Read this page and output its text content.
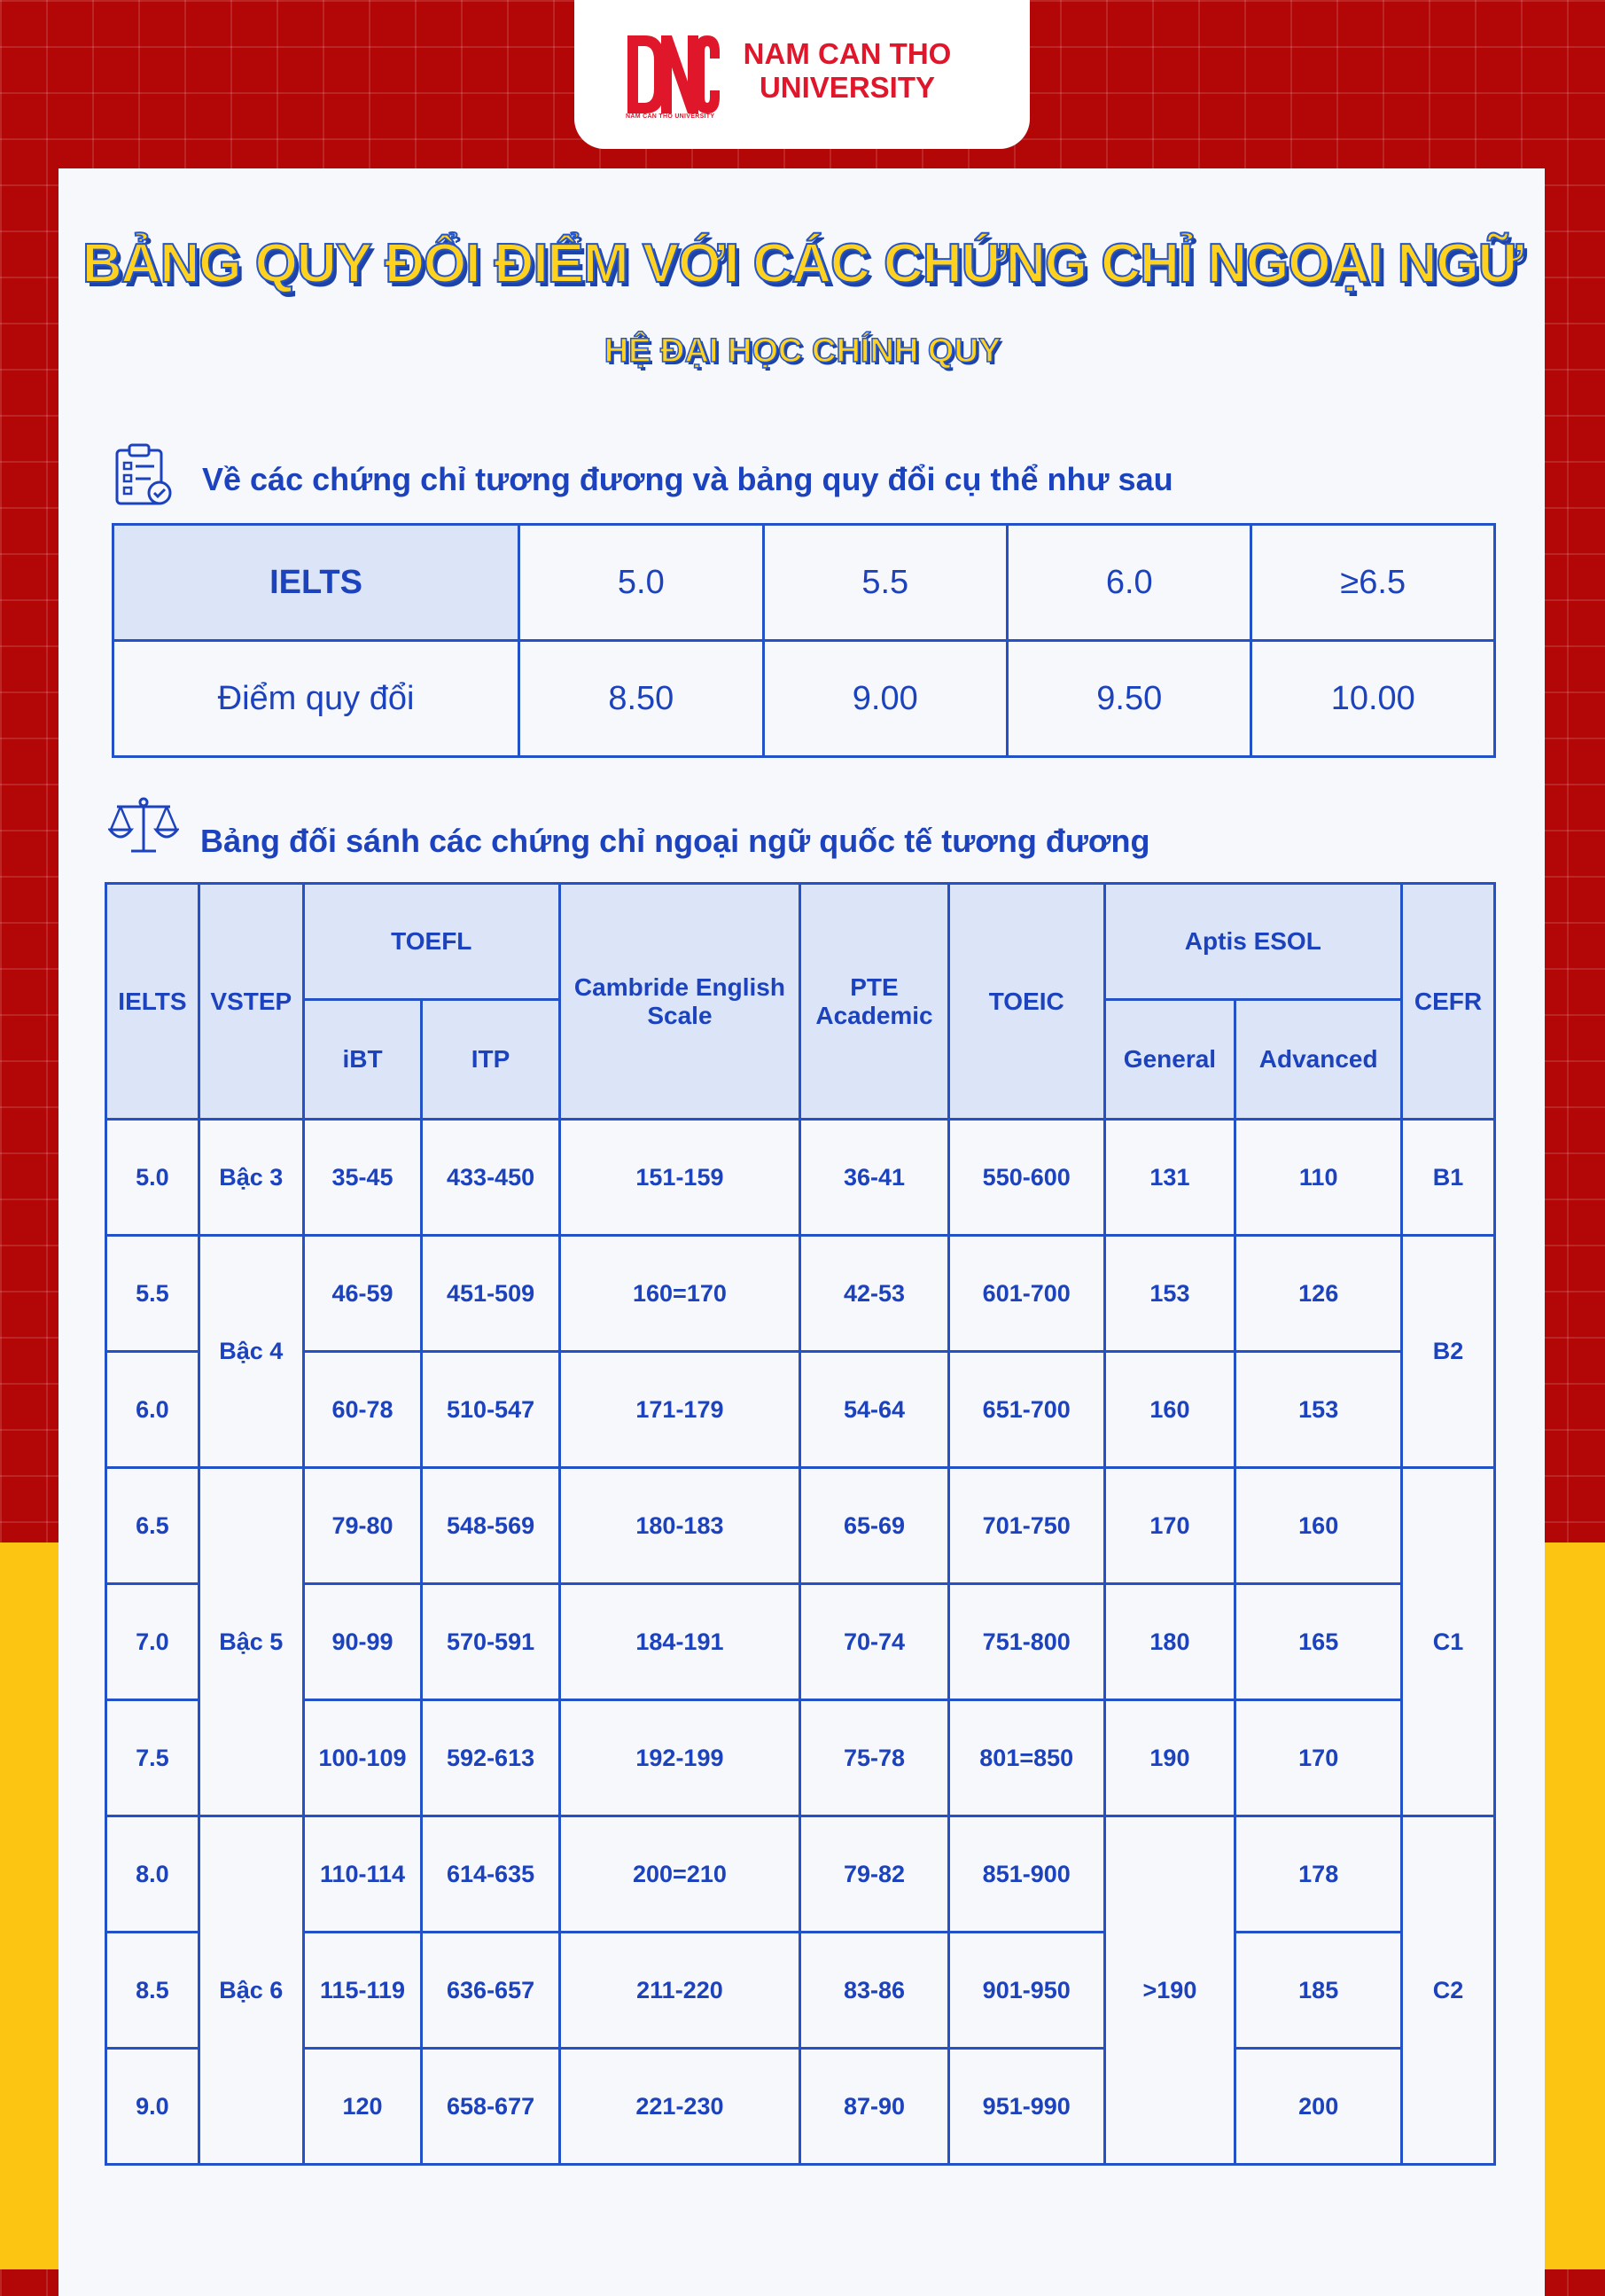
NAM CAN THO
UNIVERSITY
NAM CAN THO UNIVERSITY
BẢNG QUY ĐỔI ĐIỂM VỚI CÁC CHỨNG CHỈ NGOẠI NGỮ
HỆ ĐẠI HỌC CHÍNH QUY
Về các chứng chỉ tương đương và bảng quy đổi cụ thể như sau
IELTS	5.0	5.5	6.0	≥6.5
Điểm quy đổi	8.50	9.00	9.50	10.00
Bảng đối sánh các chứng chỉ ngoại ngữ quốc tế tương đương
IELTS	VSTEP	TOEFL		Cambride English Scale	PTE Academic	TOEIC	Aptis ESOL		CEFR
		iBT	ITP				General	Advanced	
5.0	Bậc 3	35-45	433-450	151-159	36-41	550-600	131	110	B1
5.5	Bậc 4	46-59	451-509	160=170	42-53	601-700	153	126	B2
6.0		60-78	510-547	171-179	54-64	651-700	160	153	
6.5	Bậc 5	79-80	548-569	180-183	65-69	701-750	170	160	C1
7.0		90-99	570-591	184-191	70-74	751-800	180	165	
7.5		100-109	592-613	192-199	75-78	801=850	190	170	
8.0	Bậc 6	110-114	614-635	200=210	79-82	851-900	>190	178	C2
8.5		115-119	636-657	211-220	83-86	901-950		185	
9.0		120	658-677	221-230	87-90	951-990		200	
